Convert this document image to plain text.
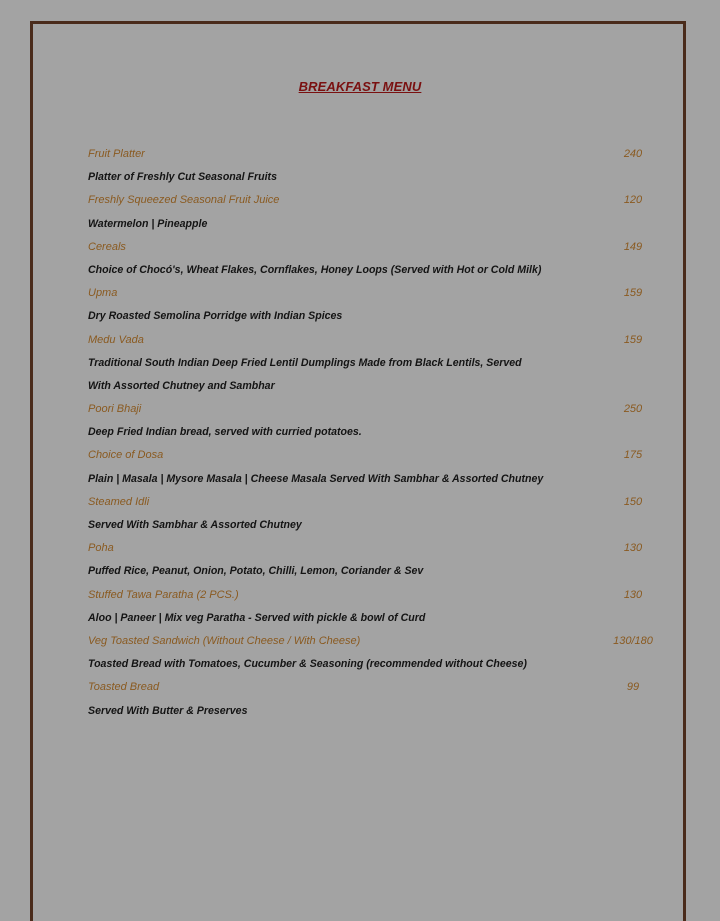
BREAKFAST MENU
Fruit Platter	240
Platter of Freshly Cut Seasonal Fruits
Freshly Squeezed Seasonal Fruit Juice	120
Watermelon | Pineapple
Cereals	149
Choice of Chocó's, Wheat Flakes, Cornflakes, Honey Loops (Served with Hot or Cold Milk)
Upma	159
Dry Roasted Semolina Porridge with Indian Spices
Medu Vada	159
Traditional South Indian Deep Fried Lentil Dumplings Made from Black Lentils, Served
With Assorted Chutney and Sambhar
Poori Bhaji	250
Deep Fried Indian bread, served with curried potatoes.
Choice of Dosa	175
Plain | Masala | Mysore Masala | Cheese Masala Served With Sambhar & Assorted Chutney
Steamed Idli	150
Served With Sambhar & Assorted Chutney
Poha	130
Puffed Rice, Peanut, Onion, Potato, Chilli, Lemon, Coriander & Sev
Stuffed Tawa Paratha (2 PCS.)	130
Aloo | Paneer | Mix veg Paratha - Served with pickle & bowl of Curd
Veg Toasted Sandwich (Without Cheese / With Cheese)	130/180
Toasted Bread with Tomatoes, Cucumber & Seasoning (recommended without Cheese)
Toasted Bread	99
Served With Butter & Preserves
